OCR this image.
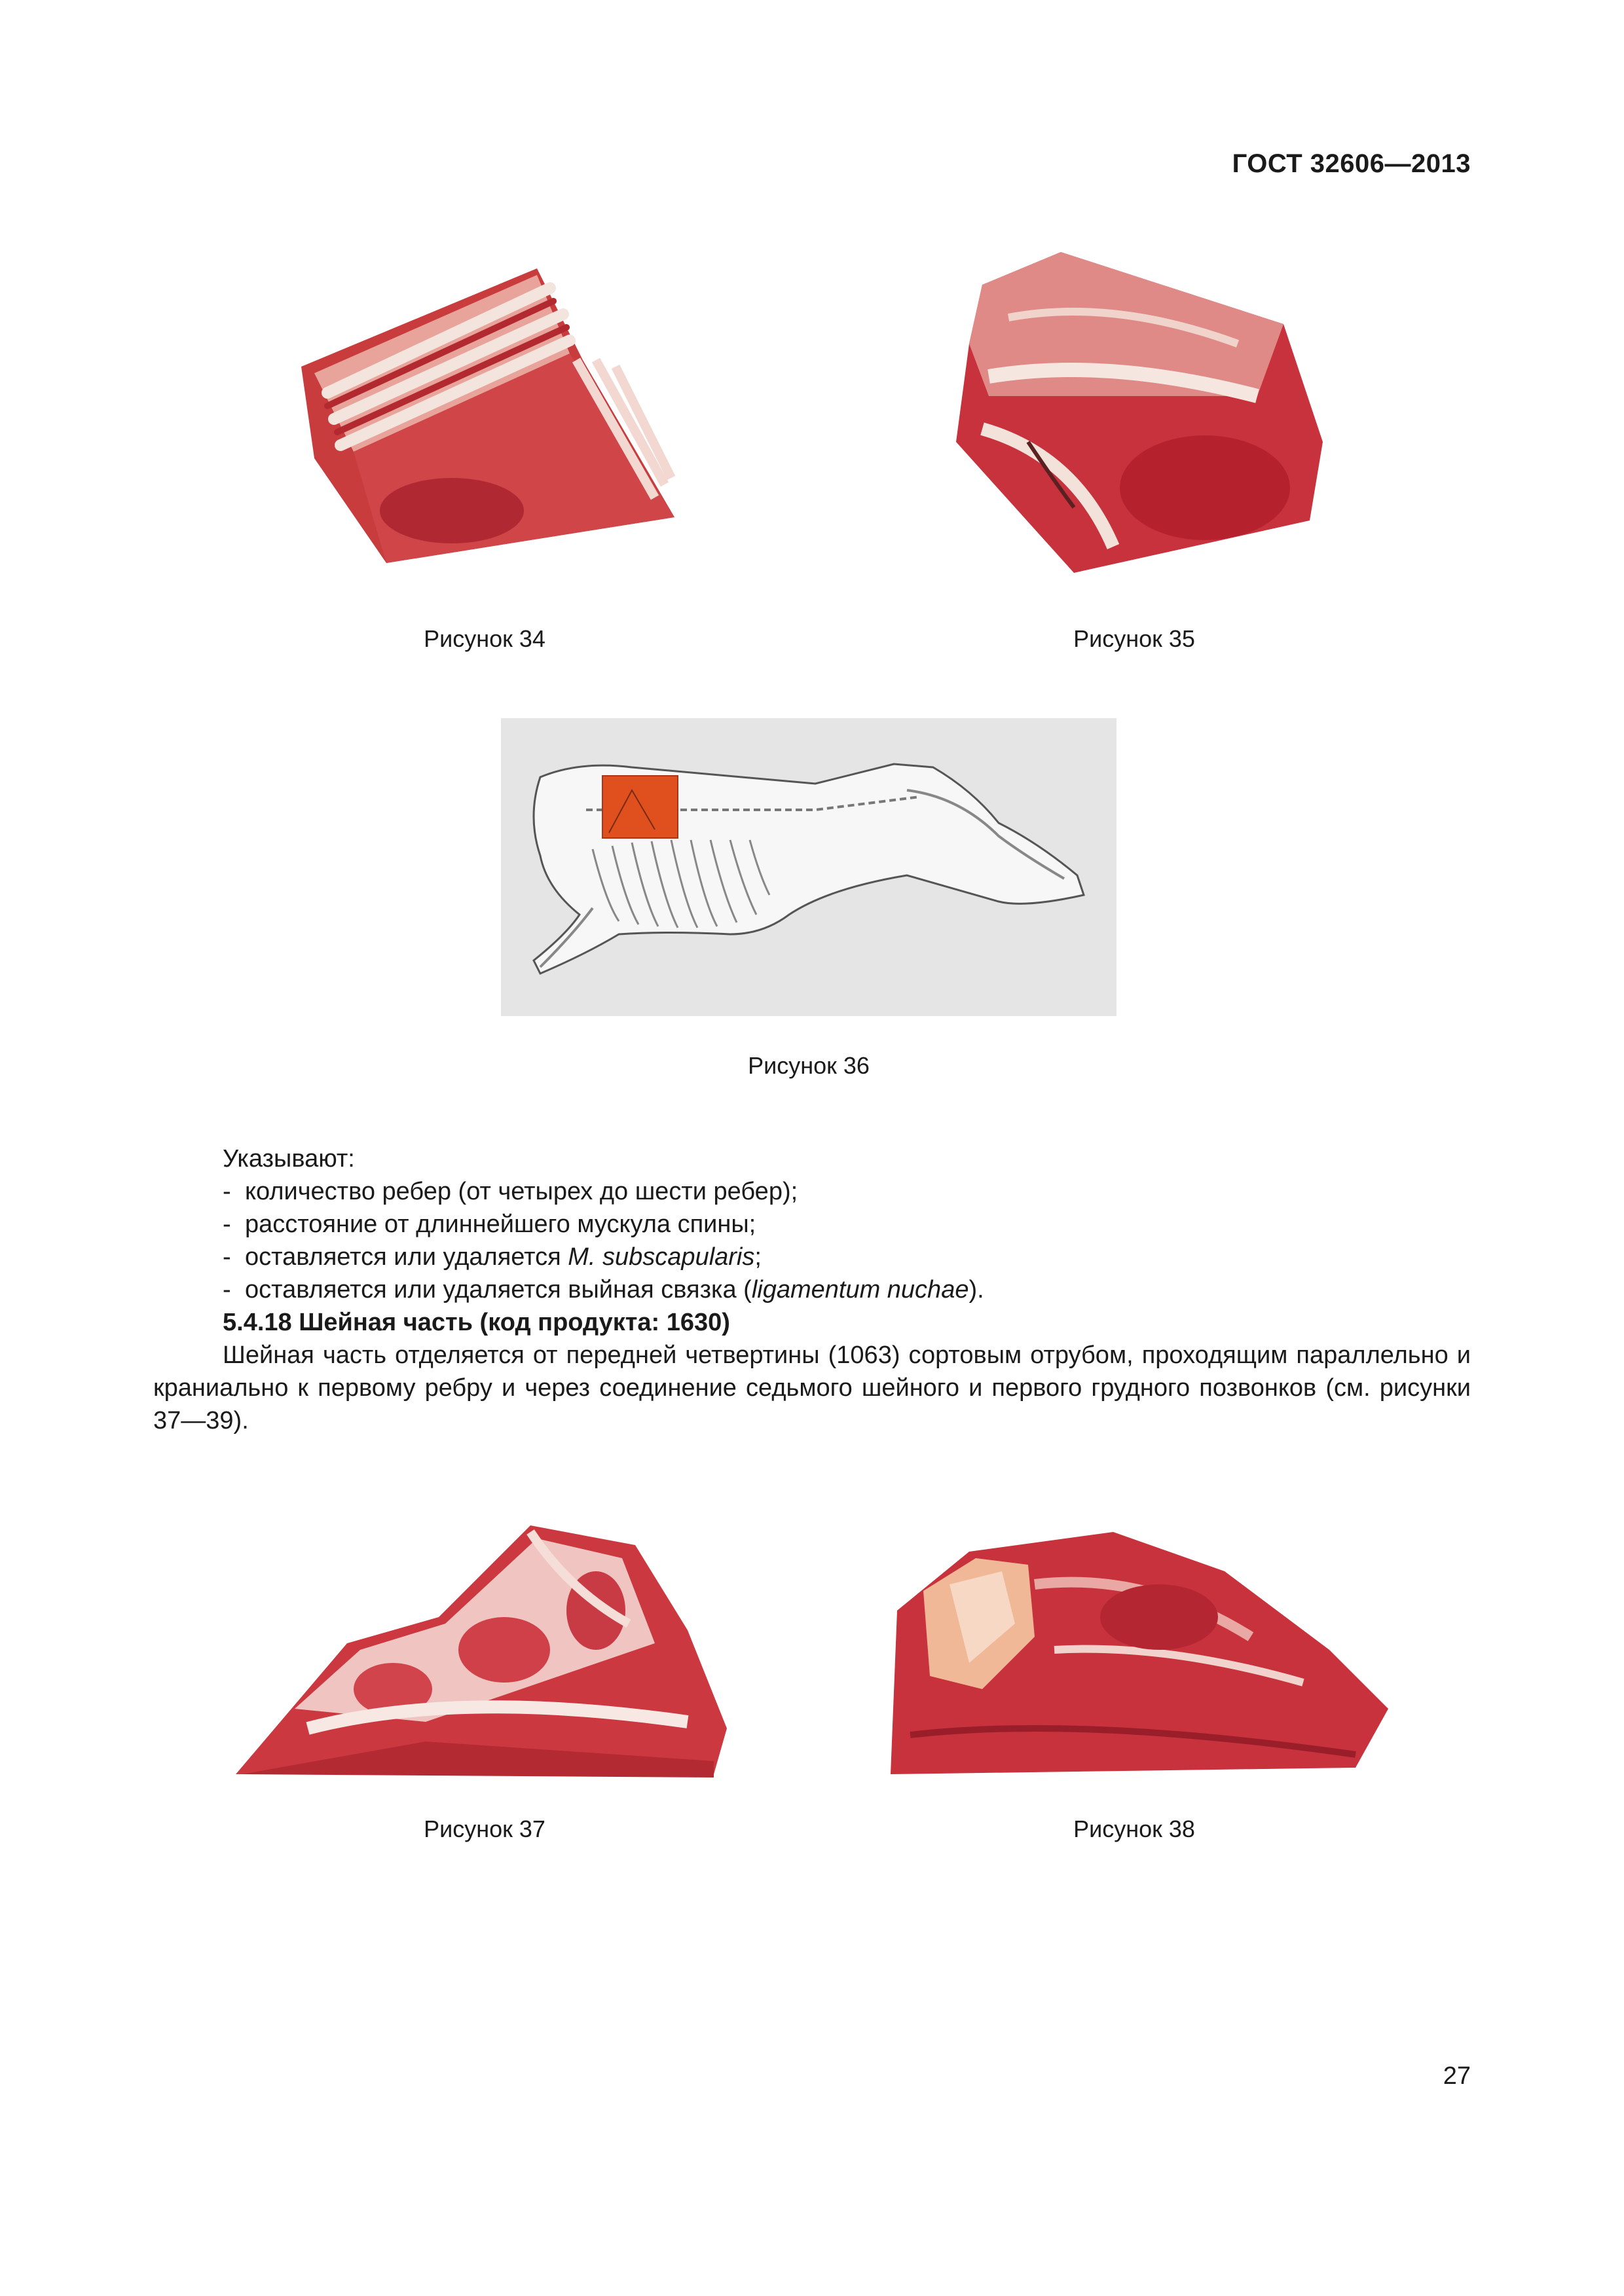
ГОСТ 32606—2013
Рисунок 34	Рисунок 35
Рисунок 36

Указывают:

- количество ребер (от четырех до шести ребер);

- расстояние от длиннейшего мускула спины;

- оставляется или удаляется M. subscapularis;

- оставляется или удаляется выйная связка (ligamentum nuchae).

5.4.18 Шейная часть (код продукта: 1630)

Шейная часть отделяется от передней четвертины (1063) сортовым отрубом, проходящим параллельно и краниально к первому ребру и через соединение седьмого шейного и первого грудного позвонков (см. рисунки 37—39).

Рисунок 37	Рисунок 38
27
